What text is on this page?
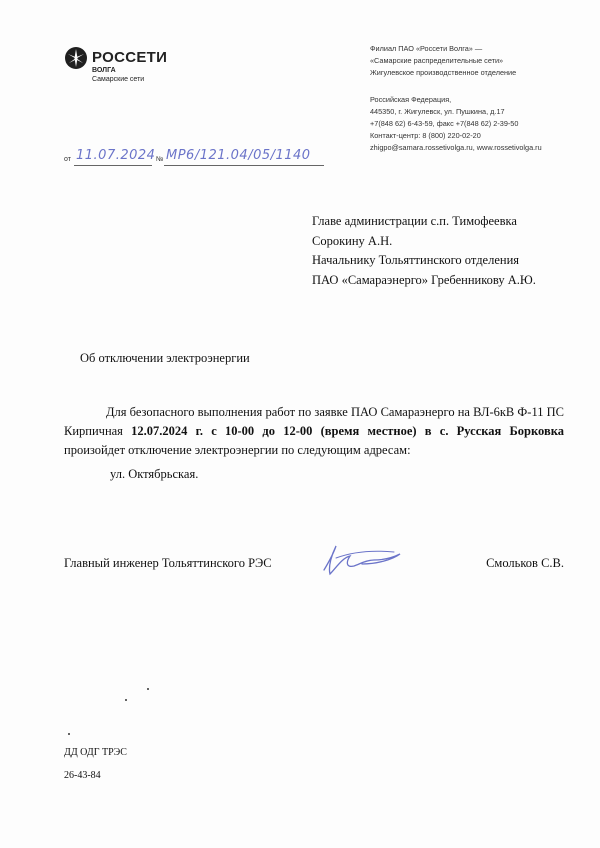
РОССЕТИ
ВОЛГА
Самарские сети
Филиал ПАО «Россети Волга» —
«Самарские распределительные сети»
Жигулевское производственное отделение
Российская Федерация,
445350, г. Жигулевск, ул. Пушкина, д.17
+7(848 62) 6-43-59, факс +7(848 62) 2-39-50
Контакт-центр: 8 (800) 220-02-20
zhigpo@samara.rossetivolga.ru, www.rossetivolga.ru
от 11.07.2024 № МР6/121.04/05/1140
Главе администрации с.п. Тимофеевка
Сорокину А.Н.
Начальнику Тольяттинского отделения
ПАО «Самараэнерго» Гребенникову А.Ю.
Об отключении электроэнергии
Для безопасного выполнения работ по заявке ПАО Самараэнерго на ВЛ-6кВ Ф-11 ПС Кирпичная 12.07.2024 г. с 10-00 до 12-00 (время местное) в с. Русская Борковка произойдет отключение электроэнергии по следующим адресам:
ул. Октябрьская.
Главный инженер Тольяттинского РЭС	Смольков С.В.
ДД ОДГ ТРЭС
26-43-84
